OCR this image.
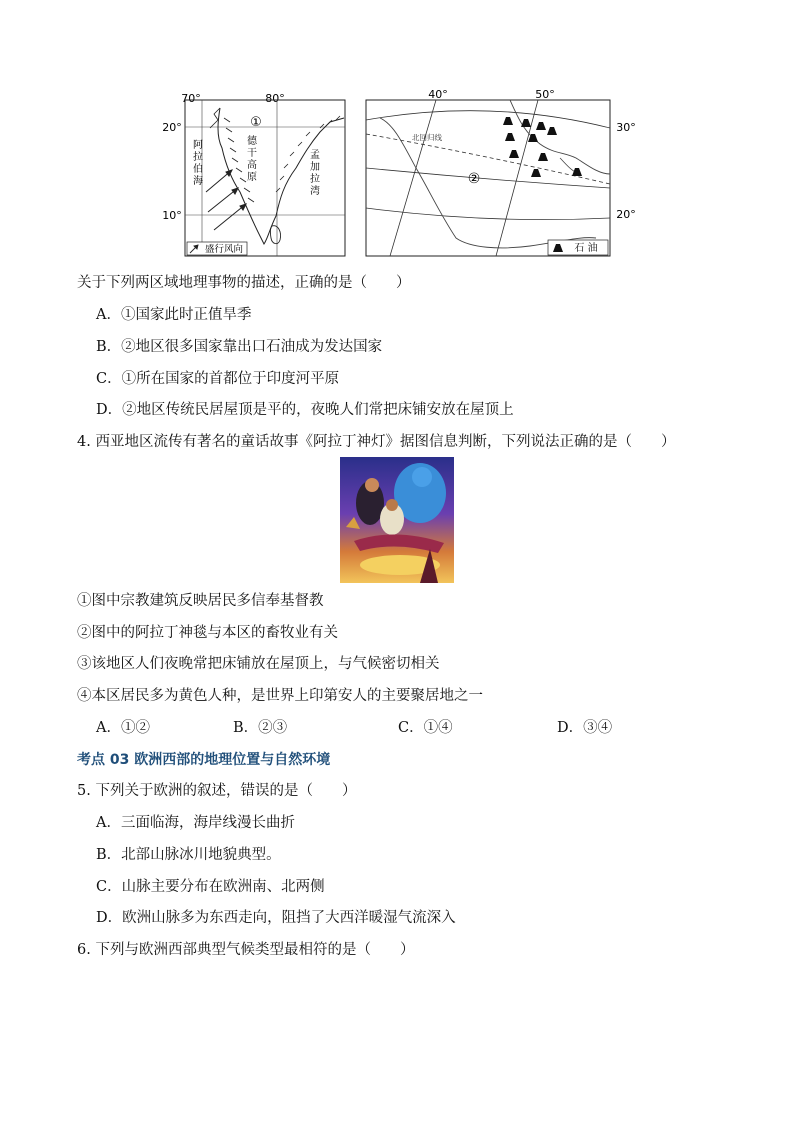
70°	80°
20°
10°
①
德
干
高
原
阿
拉
伯
海
孟
加
拉
湾
盛行风向
40°	50°
30°
20°
北回归线
②
石 油
关于下列两区域地理事物的描述，正确的是（　　）
A．①国家此时正值旱季
B．②地区很多国家靠出口石油成为发达国家
C．①所在国家的首都位于印度河平原
D．②地区传统民居屋顶是平的，夜晚人们常把床铺安放在屋顶上
4. 西亚地区流传有著名的童话故事《阿拉丁神灯》据图信息判断，下列说法正确的是（　　）
①图中宗教建筑反映居民多信奉基督教
②图中的阿拉丁神毯与本区的畜牧业有关
③该地区人们夜晚常把床铺放在屋顶上，与气候密切相关
④本区居民多为黄色人种，是世界上印第安人的主要聚居地之一
A．①②	B．②③	C．①④	D．③④
考点 03 欧洲西部的地理位置与自然环境
5. 下列关于欧洲的叙述，错误的是（　　）
A．三面临海，海岸线漫长曲折
B．北部山脉冰川地貌典型。
C．山脉主要分布在欧洲南、北两侧
D．欧洲山脉多为东西走向，阻挡了大西洋暖湿气流深入
6. 下列与欧洲西部典型气候类型最相符的是（　　）
